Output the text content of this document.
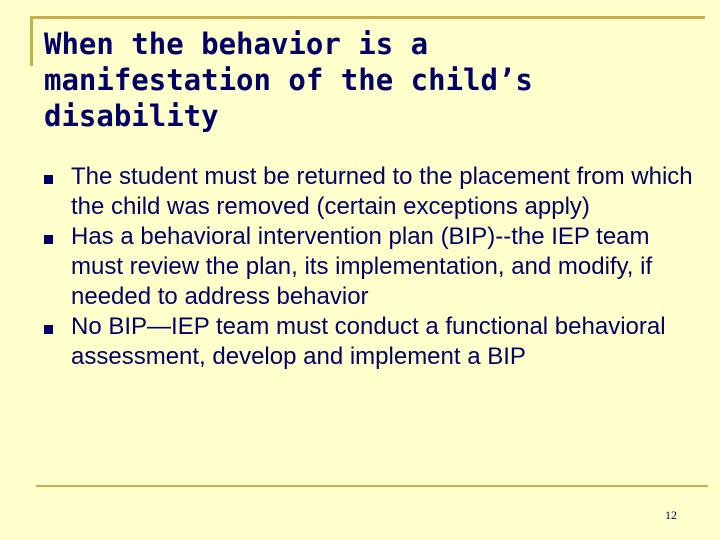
When the behavior is a manifestation of the child’s disability
The student must be returned to the placement from which the child was removed (certain exceptions apply)
Has a behavioral intervention plan (BIP)--the IEP team must review the plan, its implementation, and modify, if needed to address behavior
No BIP—IEP team must conduct a functional behavioral assessment, develop and implement a BIP
12
